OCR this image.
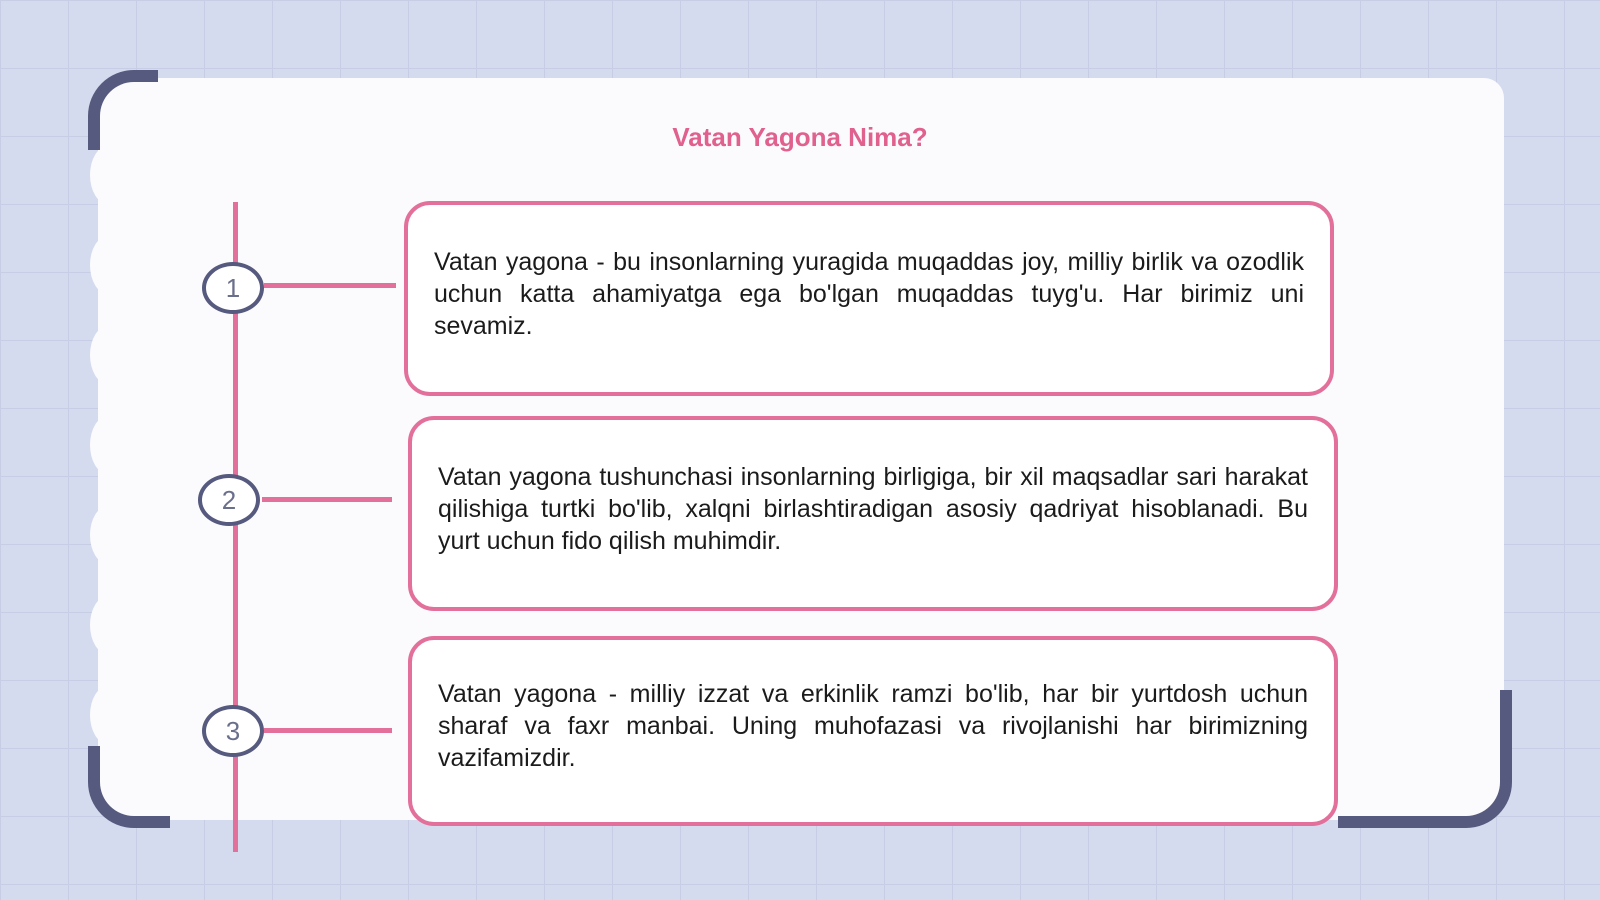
Vatan Yagona Nima?
1
2
3

Vatan yagona - bu insonlarning yuragida muqaddas joy, milliy birlik va ozodlik uchun katta ahamiyatga ega bo'lgan muqaddas tuyg'u. Har birimiz uni sevamiz.

Vatan yagona tushunchasi insonlarning birligiga, bir xil maqsadlar sari harakat qilishiga turtki bo'lib, xalqni birlashtiradigan asosiy qadriyat hisoblanadi. Bu yurt uchun fido qilish muhimdir.

Vatan yagona - milliy izzat va erkinlik ramzi bo'lib, har bir yurtdosh uchun sharaf va faxr manbai. Uning muhofazasi va rivojlanishi har birimizning vazifamizdir.
